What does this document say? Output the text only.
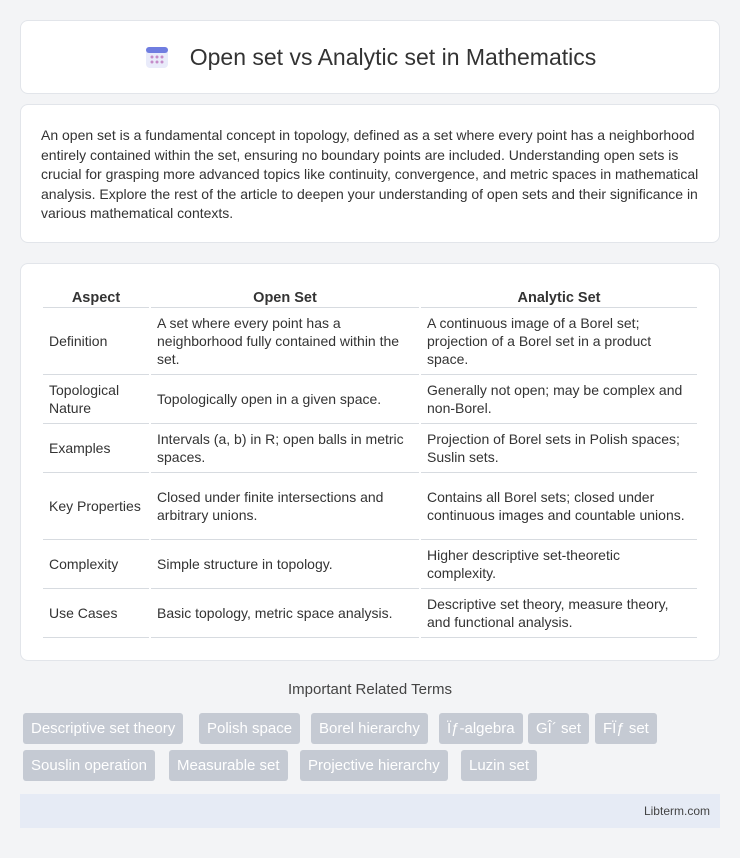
Open set vs Analytic set in Mathematics

An open set is a fundamental concept in topology, defined as a set where every point has a neighborhood entirely contained within the set, ensuring no boundary points are included. Understanding open sets is crucial for grasping more advanced topics like continuity, convergence, and metric spaces in mathematical analysis. Explore the rest of the article to deepen your understanding of open sets and their significance in various mathematical contexts.

Aspect	Open Set	Analytic Set
Definition	A set where every point has a neighborhood fully contained within the set.	A continuous image of a Borel set; projection of a Borel set in a product space.
Topological Nature	Topologically open in a given space.	Generally not open; may be complex and non-Borel.
Examples	Intervals (a, b) in R; open balls in metric spaces.	Projection of Borel sets in Polish spaces; Suslin sets.
Key Properties	Closed under finite intersections and arbitrary unions.	Contains all Borel sets; closed under continuous images and countable unions.
Complexity	Simple structure in topology.	Higher descriptive set-theoretic complexity.
Use Cases	Basic topology, metric space analysis.	Descriptive set theory, measure theory, and functional analysis.
Important Related Terms
Descriptive set theory	Polish space	Borel hierarchy	Ïƒ-algebra	GÎ´ set	FÏƒ set
Souslin operation	Measurable set	Projective hierarchy	Luzin set
Libterm.com
